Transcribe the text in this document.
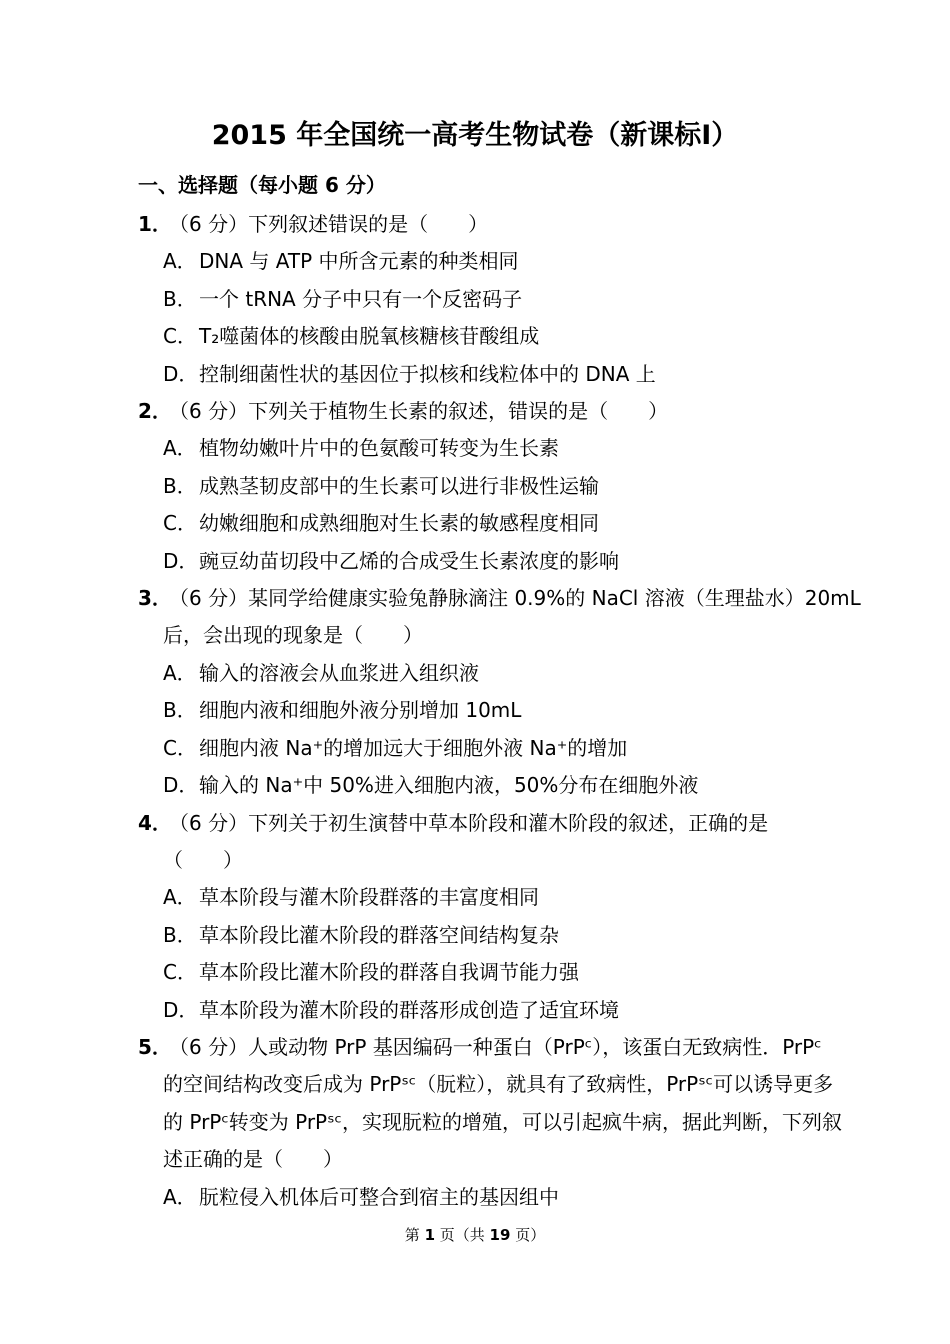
2015 年全国统一高考生物试卷（新课标Ⅰ）
一、选择题（每小题 6 分）
1．（6 分）下列叙述错误的是（　　）
A． DNA 与 ATP 中所含元素的种类相同
B． 一个 tRNA 分子中只有一个反密码子
C． T₂噬菌体的核酸由脱氧核糖核苷酸组成
D．控制细菌性状的基因位于拟核和线粒体中的 DNA 上
2．（6 分）下列关于植物生长素的叙述，错误的是（　　）
A． 植物幼嫩叶片中的色氨酸可转变为生长素
B． 成熟茎韧皮部中的生长素可以进行非极性运输
C． 幼嫩细胞和成熟细胞对生长素的敏感程度相同
D．豌豆幼苗切段中乙烯的合成受生长素浓度的影响
3．（6 分）某同学给健康实验兔静脉滴注 0.9%的 NaCl 溶液（生理盐水）20mL
后，会出现的现象是（　　）
A． 输入的溶液会从血浆进入组织液
B． 细胞内液和细胞外液分别增加 10mL
C． 细胞内液 Na⁺的增加远大于细胞外液 Na⁺的增加
D．输入的 Na⁺中 50%进入细胞内液，50%分布在细胞外液
4．（6 分）下列关于初生演替中草本阶段和灌木阶段的叙述，正确的是
（　　）
A． 草本阶段与灌木阶段群落的丰富度相同
B． 草本阶段比灌木阶段的群落空间结构复杂
C． 草本阶段比灌木阶段的群落自我调节能力强
D．草本阶段为灌木阶段的群落形成创造了适宜环境
5．（6 分）人或动物 PrP 基因编码一种蛋白（PrPᶜ），该蛋白无致病性．PrPᶜ
的空间结构改变后成为 PrPˢᶜ（朊粒），就具有了致病性，PrPˢᶜ可以诱导更多
的 PrPᶜ转变为 PrPˢᶜ，实现朊粒的增殖，可以引起疯牛病，据此判断，下列叙
述正确的是（　　）
A． 朊粒侵入机体后可整合到宿主的基因组中
第 1 页（共 19 页）
